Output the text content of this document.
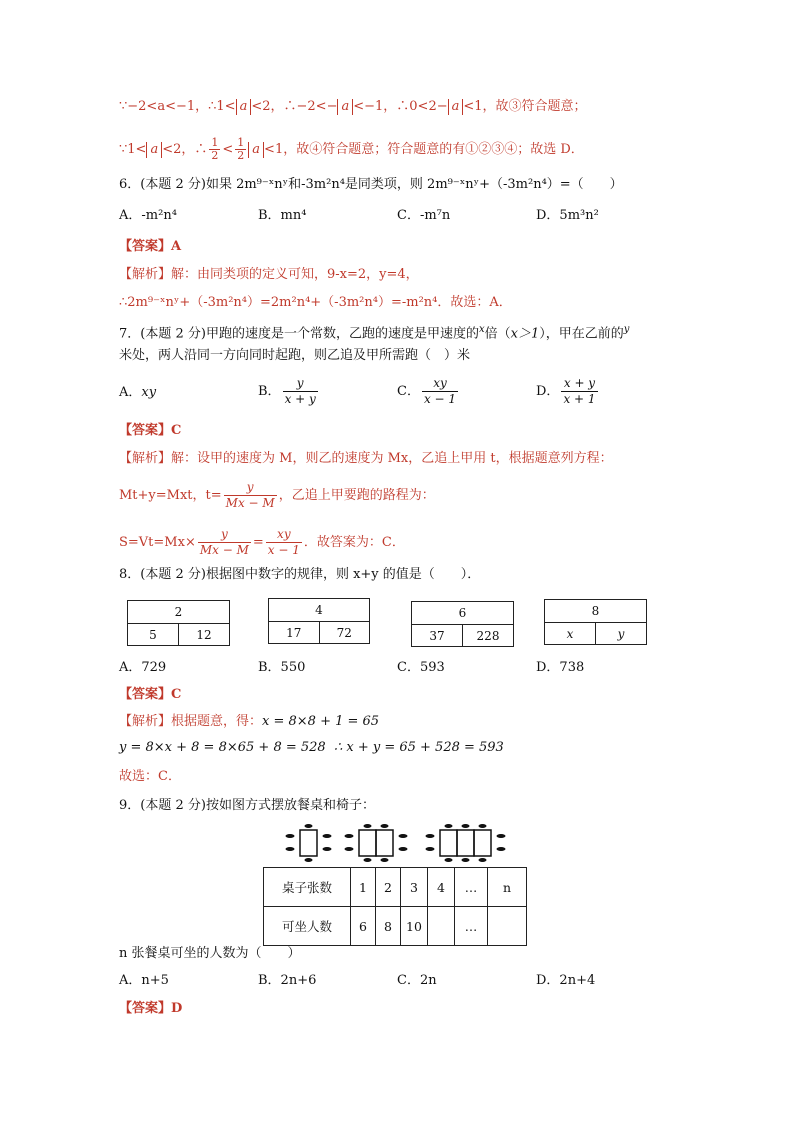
∵−2<a<−1，∴1< a <2，∴−2<− a <−1，∴0<2− a <1，故③符合题意；
∵1< a <2，∴ $\frac{1}{2} < \frac{1}{2}$ a <1，故④符合题意；符合题意的有①②③④；故选 D．
6．(本题 2 分)如果 2m⁹⁻ˣnʸ和-3m²n⁴是同类项，则 2m⁹⁻ˣnʸ+（-3m²n⁴）=（　　）
A．-m²n⁴	B．mn⁴	C．-m⁷n	D．5m³n²
【答案】A
【解析】解：由同类项的定义可知，9-x=2，y=4，
∴2m⁹⁻ˣnʸ+（-3m²n⁴）=2m²n⁴+（-3m²n⁴）=-m²n⁴．故选：A．
7．(本题 2 分)甲跑的速度是一个常数，乙跑的速度是甲速度的$^x$倍（x＞1），甲在乙前的$^y$
米处，两人沿同一方向同时起跑，则乙追及甲所需跑（　）米
A．xy	B． $\frac{y}{x + y}$	C． $\frac{xy}{x - 1}$	D． $\frac{x + y}{x + 1}$
【答案】C
【解析】解：设甲的速度为 M，则乙的速度为 Mx，乙追上甲用 t，根据题意列方程：
Mt+y=Mxt，$t= \frac{y}{Mx - M}$ ，乙追上甲要跑的路程为：
$S=Vt=Mx\times \frac{y}{Mx - M} = \frac{xy}{x - 1}$ ．故答案为：C．
8．(本题 2 分)根据图中数字的规律，则 x+y 的值是（　　）．
2
5	12
4
17	72
6
37	228
8
x	y
A．729	B．550	C．593	D．738
【答案】C
【解析】根据题意，得：x = 8×8 + 1 = 65
y = 8×x + 8 = 8×65 + 8 = 528 ∴ x + y = 65 + 528 = 593
故选：C．
9．(本题 2 分)按如图方式摆放餐桌和椅子：
桌子张数	1	2	3	4	…	n
可坐人数	6	8	10		…	
n 张餐桌可坐的人数为（　　）
A．n+5	B．2n+6	C．2n	D．2n+4
【答案】D
